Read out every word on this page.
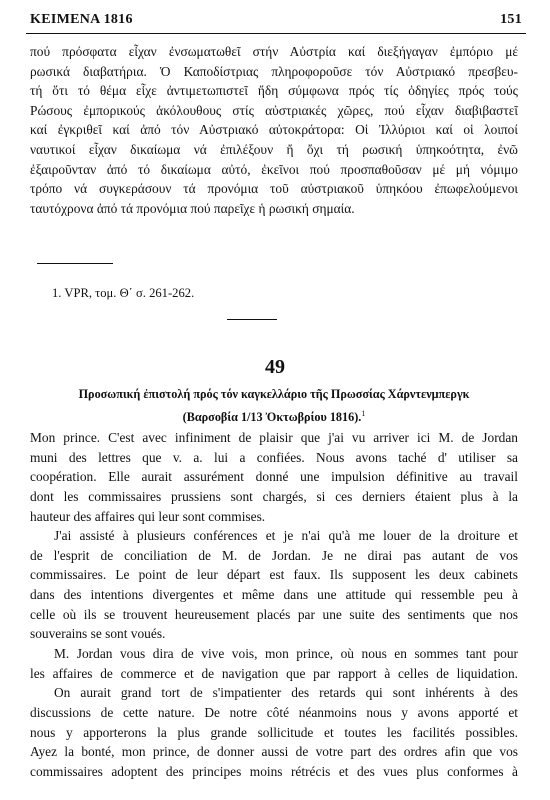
ΚΕΙΜΕΝΑ 1816	151
πού πρόσφατα εἶχαν ἐνσωματωθεῖ στήν Αὐστρία καί διεξήγαγαν ἐμπόριο μέ
ρωσικά διαβατήρια. Ὁ Καποδίστριας πληροφοροῦσε τόν Αὐστριακό πρεσβευ-
τή ὅτι τό θέμα εἶχε ἀντιμετωπιστεῖ ἤδη σύμφωνα πρός τίς ὁδηγίες πρός τούς
Ρώσους ἐμπορικούς ἀκόλουθους στίς αὐστριακές χῶρες, πού εἶχαν διαβιβαστεῖ
καί ἐγκριθεῖ καί ἀπό τόν Αὐστριακό αὐτοκράτορα: Οἱ Ἰλλύριοι καί οἱ λοιποί
ναυτικοί εἶχαν δικαίωμα νά ἐπιλέξουν ἤ ὄχι τή ρωσική ὑπηκοότητα, ἐνῶ
ἐξαιροῦνταν ἀπό τό δικαίωμα αὐτό, ἐκεῖνοι πού προσπαθοῦσαν μέ μή νόμιμο
τρόπο νά συγκεράσουν τά προνόμια τοῦ αὐστριακοῦ ὑπηκόου ἐπωφελούμενοι
ταυτόχρονα ἀπό τά προνόμια πού παρεῖχε ἡ ρωσική σημαία.
1. VPR, τομ. Θ΄ σ. 261-262.
49
Προσωπική ἐπιστολή πρός τόν καγκελλάριο τῆς Πρωσσίας Χάρντενμπεργκ
(Βαρσοβία 1/13 Ὀκτωβρίου 1816).$^1$
Mon prince. C'est avec infiniment de plaisir que j'ai vu arriver ici M. de Jordan
muni des lettres que v. a. lui a confiées. Nous avons taché d' utiliser sa
coopération. Elle aurait assurément donné une impulsion définitive au travail
dont les commissaires prussiens sont chargés, si ces derniers étaient plus à la
hauteur des affaires qui leur sont commises.
J'ai assisté à plusieurs conférences et je n'ai qu'à me louer de la droiture et
de l'esprit de conciliation de M. de Jordan. Je ne dirai pas autant de vos
commissaires. Le point de leur départ est faux. Ils supposent les deux cabinets
dans des intentions divergentes et même dans une attitude qui ressemble peu à
celle où ils se trouvent heureusement placés par une suite des sentiments que nos
souverains se sont voués.
M. Jordan vous dira de vive vois, mon prince, où nous en sommes tant pour
les affaires de commerce et de navigation que par rapport à celles de liquidation.
On aurait grand tort de s'impatienter des retards qui sont inhérents à des
discussions de cette nature. De notre côté néanmoins nous y avons apporté et
nous y apporterons la plus grande sollicitude et toutes les facilités possibles.
Ayez la bonté, mon prince, de donner aussi de votre part des ordres afin que vos
commissaires adoptent des principes moins rétrécis et des vues plus conformes à
